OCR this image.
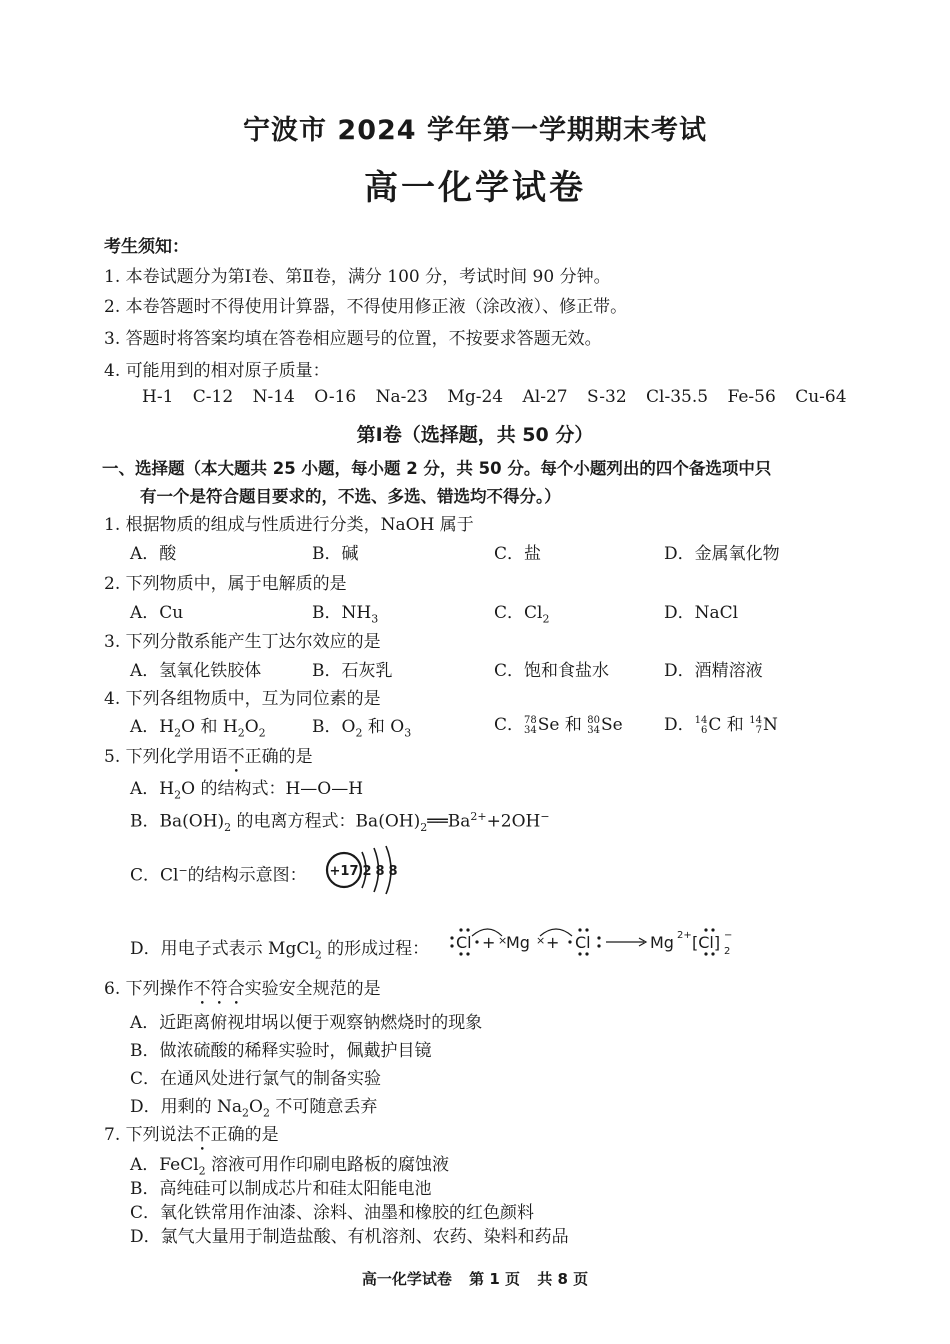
宁波市 2024 学年第一学期期末考试
高一化学试卷
考生须知：
1. 本卷试题分为第Ⅰ卷、第Ⅱ卷，满分 100 分，考试时间 90 分钟。
2. 本卷答题时不得使用计算器，不得使用修正液（涂改液）、修正带。
3. 答题时将答案均填在答卷相应题号的位置，不按要求答题无效。
4. 可能用到的相对原子质量：
H-1 C-12 N-14 O-16 Na-23 Mg-24 Al-27 S-32 Cl-35.5 Fe-56 Cu-64
第Ⅰ卷（选择题，共 50 分）
一、选择题（本大题共 25 小题，每小题 2 分，共 50 分。每个小题列出的四个备选项中只
有一个是符合题目要求的，不选、多选、错选均不得分。）
1. 根据物质的组成与性质进行分类，NaOH 属于
A．酸	B．碱	C．盐	D．金属氧化物
2. 下列物质中，属于电解质的是
A．Cu	B．$NH_3$	C．$Cl_2$	D．NaCl
3. 下列分散系能产生丁达尔效应的是
A．氢氧化铁胶体	B．石灰乳	C．饱和食盐水	D．酒精溶液
4. 下列各组物质中，互为同位素的是
A．$H_2O$ 和 $H_2O_2$	B．$O_2$ 和 $O_3$	C． 78
34 Se 和 80
34 Se D． 14
6 C 和 14
7 N
5. 下列化学用语不正确的是
A．$H_2O$ 的结构式：H—O—H
B．$Ba(OH)_2$ 的电离方程式：$Ba(OH)_2══Ba^{2+}+2OH^-$
C．Cl−的结构示意图： +17 2 8 8
D．用电子式表示 MgCl$_2$ 的形成过程： Cl + ×
Mg × + Cl	Mg 2+ [Cl] 2
−
6. 下列操作不符合实验安全规范的是
A．近距离俯视坩埚以便于观察钠燃烧时的现象
B．做浓硫酸的稀释实验时，佩戴护目镜
C．在通风处进行氯气的制备实验
D．用剩的 $Na_2O_2$ 不可随意丢弃
7. 下列说法不正确的是
A．FeCl$_2$ 溶液可用作印刷电路板的腐蚀液
B．高纯硅可以制成芯片和硅太阳能电池
C．氧化铁常用作油漆、涂料、油墨和橡胶的红色颜料
D．氯气大量用于制造盐酸、有机溶剂、农药、染料和药品
高一化学试卷 第 1 页 共 8 页
